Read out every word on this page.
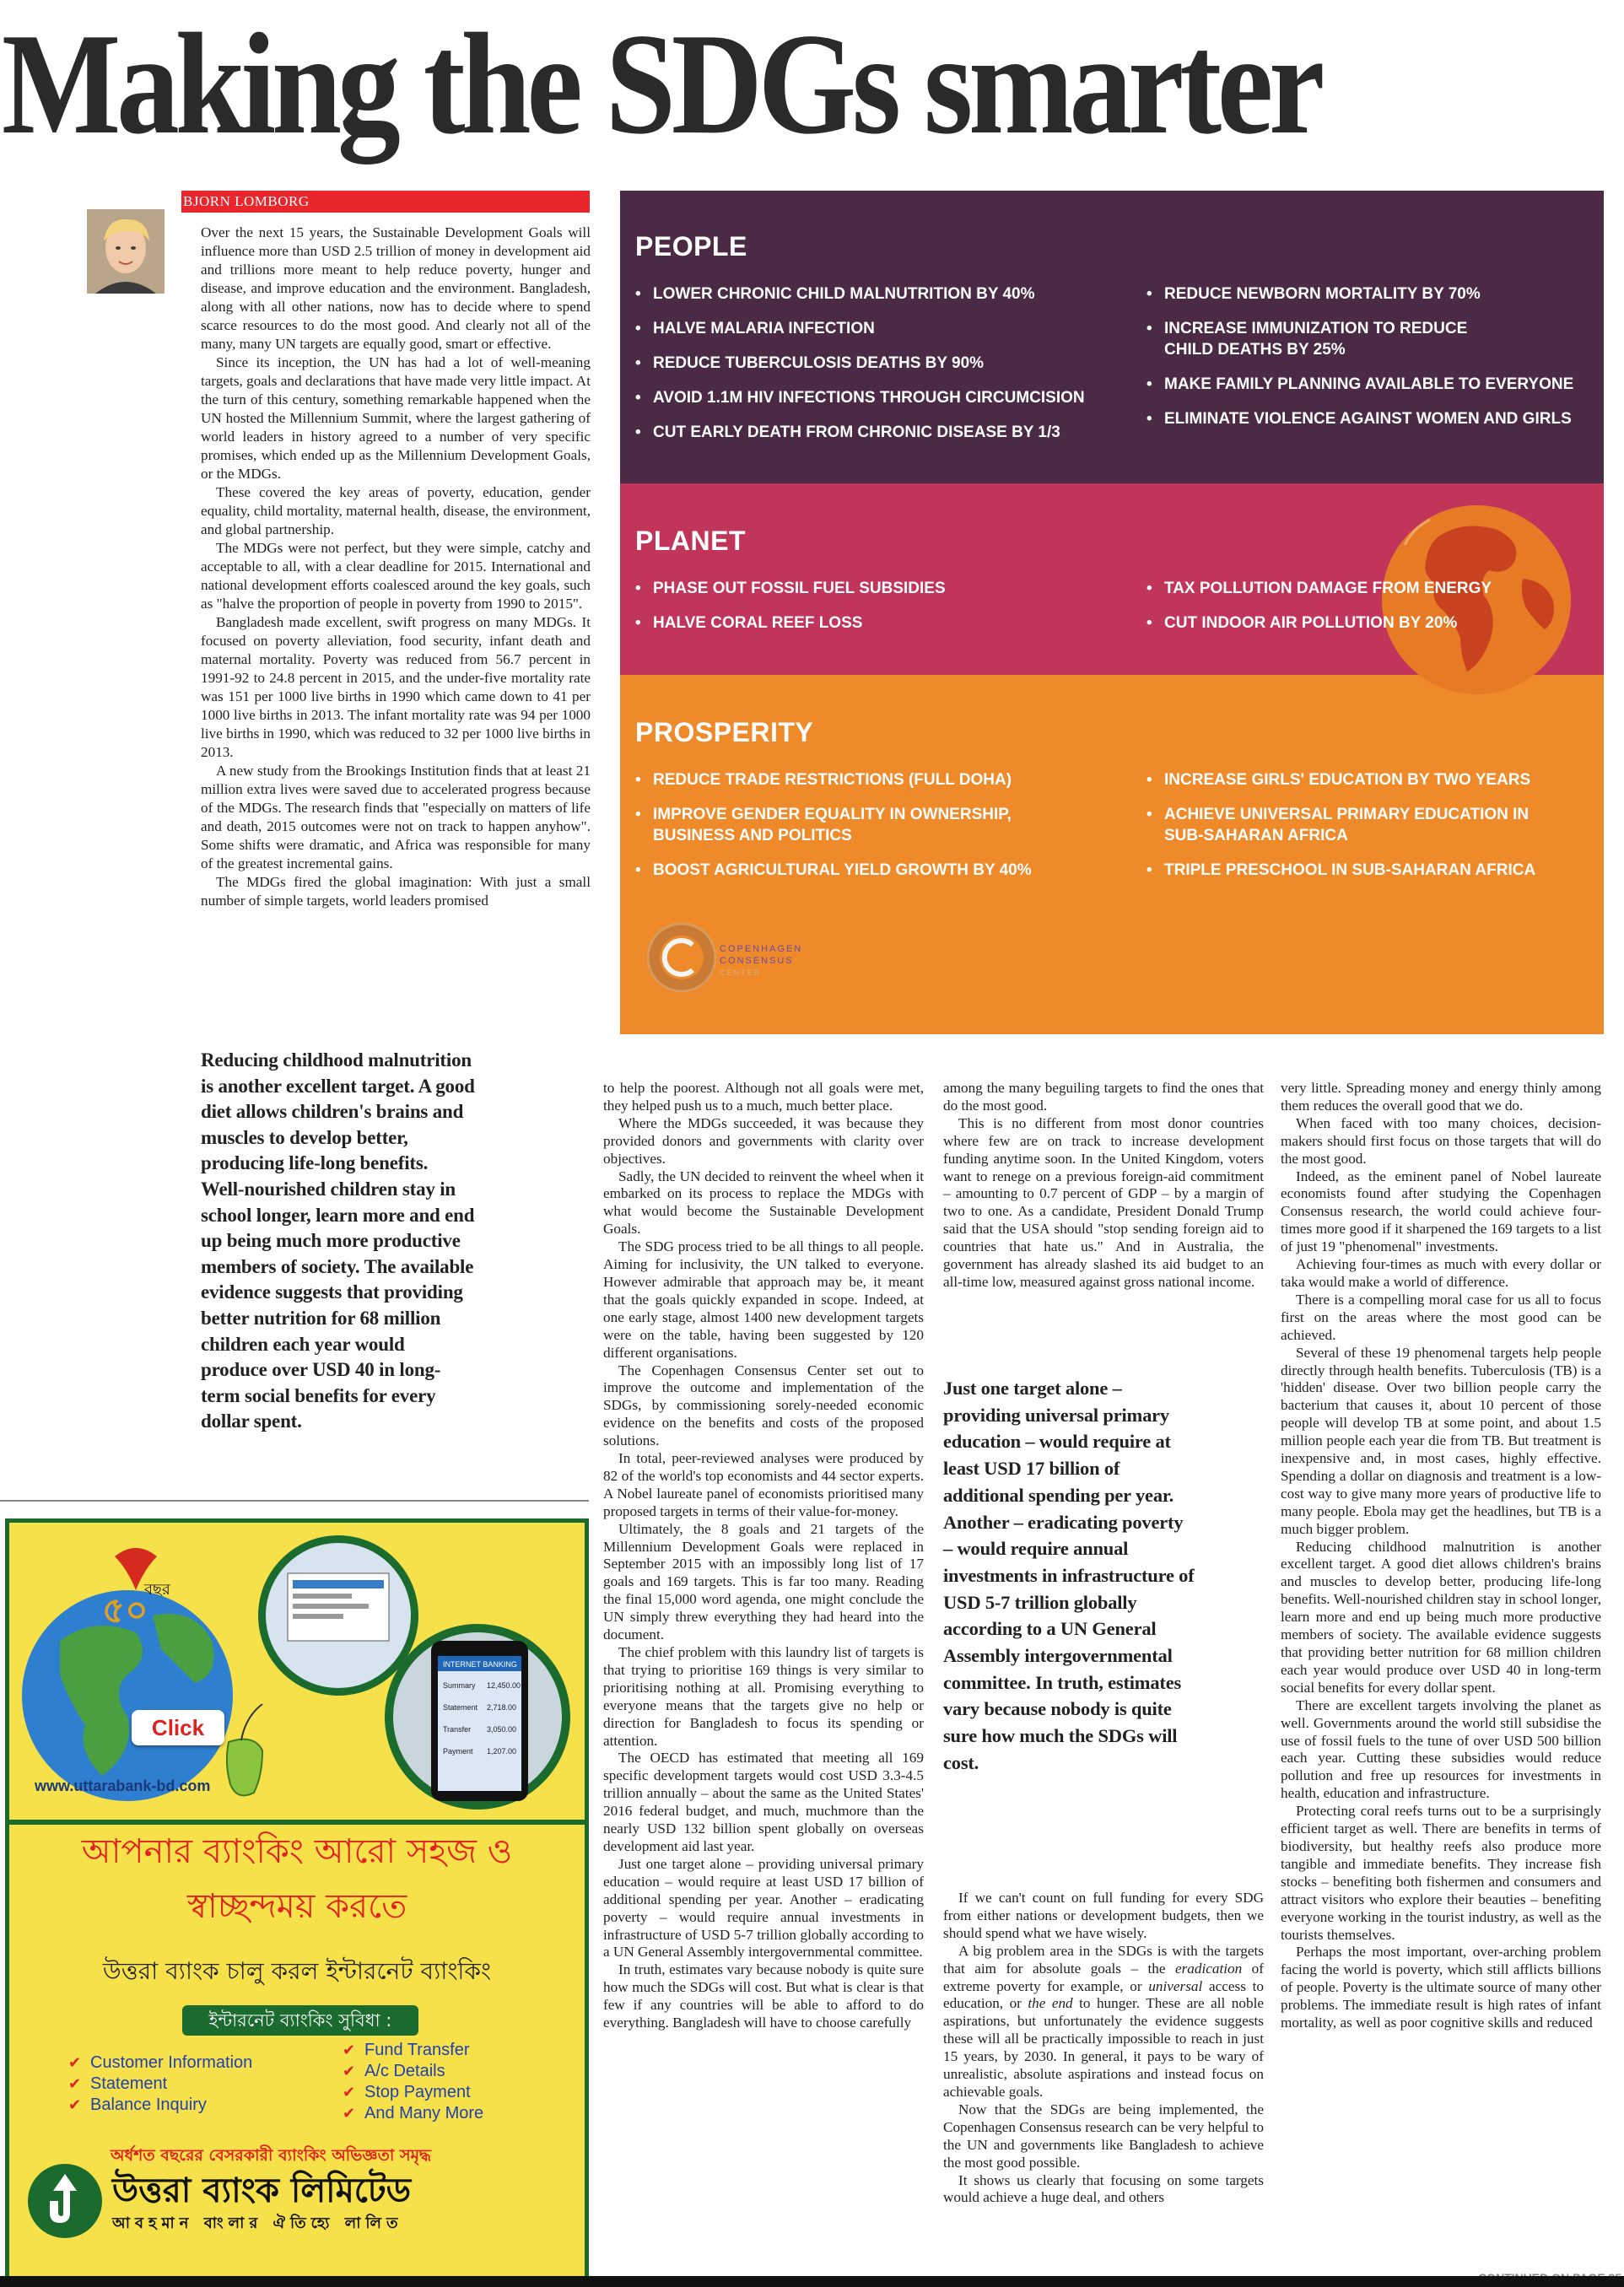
Making the SDGs smarter
BJORN LOMBORG

Over the next 15 years, the Sustainable Development Goals will influence more than USD 2.5 trillion of money in development aid and trillions more meant to help reduce poverty, hunger and disease, and improve education and the environment. Bangladesh, along with all other nations, now has to decide where to spend scarce resources to do the most good. And clearly not all of the many, many UN targets are equally good, smart or effective.

Since its inception, the UN has had a lot of well-meaning targets, goals and declarations that have made very little impact. At the turn of this century, something remarkable happened when the UN hosted the Millennium Summit, where the largest gathering of world leaders in history agreed to a number of very specific promises, which ended up as the Millennium Development Goals, or the MDGs.

These covered the key areas of poverty, education, gender equality, child mortality, maternal health, disease, the environment, and global partnership.

The MDGs were not perfect, but they were simple, catchy and acceptable to all, with a clear deadline for 2015. International and national development efforts coalesced around the key goals, such as "halve the proportion of people in poverty from 1990 to 2015".

Bangladesh made excellent, swift progress on many MDGs. It focused on poverty alleviation, food security, infant death and maternal mortality. Poverty was reduced from 56.7 percent in 1991-92 to 24.8 percent in 2015, and the under-five mortality rate was 151 per 1000 live births in 1990 which came down to 41 per 1000 live births in 2013. The infant mortality rate was 94 per 1000 live births in 1990, which was reduced to 32 per 1000 live births in 2013.

A new study from the Brookings Institution finds that at least 21 million extra lives were saved due to accelerated progress because of the MDGs. The research finds that "especially on matters of life and death, 2015 outcomes were not on track to happen anyhow". Some shifts were dramatic, and Africa was responsible for many of the greatest incremental gains.

The MDGs fired the global imagination: With just a small number of simple targets, world leaders promised

Reducing childhood malnutrition is another excellent target. A good diet allows children's brains and muscles to develop better, producing life-long benefits. Well-nourished children stay in school longer, learn more and end up being much more productive members of society. The available evidence suggests that providing better nutrition for 68 million children each year would produce over USD 40 in long-term social benefits for every dollar spent.
PEOPLE
• LOWER CHRONIC CHILD MALNUTRITION BY 40%
• HALVE MALARIA INFECTION
• REDUCE TUBERCULOSIS DEATHS BY 90%
• AVOID 1.1M HIV INFECTIONS THROUGH CIRCUMCISION
• CUT EARLY DEATH FROM CHRONIC DISEASE BY 1/3
• REDUCE NEWBORN MORTALITY BY 70%
• INCREASE IMMUNIZATION TO REDUCE CHILD DEATHS BY 25%
• MAKE FAMILY PLANNING AVAILABLE TO EVERYONE
• ELIMINATE VIOLENCE AGAINST WOMEN AND GIRLS
PLANET
• PHASE OUT FOSSIL FUEL SUBSIDIES
• HALVE CORAL REEF LOSS
PROSPERITY
• REDUCE TRADE RESTRICTIONS (FULL DOHA)
• IMPROVE GENDER EQUALITY IN OWNERSHIP, BUSINESS AND POLITICS
• BOOST AGRICULTURAL YIELD GROWTH BY 40%
• INCREASE GIRLS' EDUCATION BY TWO YEARS
• ACHIEVE UNIVERSAL PRIMARY EDUCATION IN SUB-SAHARAN AFRICA
• TRIPLE PRESCHOOL IN SUB-SAHARAN AFRICA
COPENHAGEN
CONSENSUS
CENTER
• TAX POLLUTION DAMAGE FROM ENERGY
• CUT INDOOR AIR POLLUTION BY 20%

to help the poorest. Although not all goals were met, they helped push us to a much, much better place.

Where the MDGs succeeded, it was because they provided donors and governments with clarity over objectives.

Sadly, the UN decided to reinvent the wheel when it embarked on its process to replace the MDGs with what would become the Sustainable Development Goals.

The SDG process tried to be all things to all people. Aiming for inclusivity, the UN talked to everyone. However admirable that approach may be, it meant that the goals quickly expanded in scope. Indeed, at one early stage, almost 1400 new development targets were on the table, having been suggested by 120 different organisations.

The Copenhagen Consensus Center set out to improve the outcome and implementation of the SDGs, by commissioning sorely-needed economic evidence on the benefits and costs of the proposed solutions.

In total, peer-reviewed analyses were produced by 82 of the world's top economists and 44 sector experts. A Nobel laureate panel of economists prioritised many proposed targets in terms of their value-for-money.

Ultimately, the 8 goals and 21 targets of the Millennium Development Goals were replaced in September 2015 with an impossibly long list of 17 goals and 169 targets. This is far too many. Reading the final 15,000 word agenda, one might conclude the UN simply threw everything they had heard into the document.

The chief problem with this laundry list of targets is that trying to prioritise 169 things is very similar to prioritising nothing at all. Promising everything to everyone means that the targets give no help or direction for Bangladesh to focus its spending or attention.

The OECD has estimated that meeting all 169 specific development targets would cost USD 3.3-4.5 trillion annually – about the same as the United States' 2016 federal budget, and much, muchmore than the nearly USD 132 billion spent globally on overseas development aid last year.

Just one target alone – providing universal primary education – would require at least USD 17 billion of additional spending per year. Another – eradicating poverty – would require annual investments in infrastructure of USD 5-7 trillion globally according to a UN General Assembly intergovernmental committee.

In truth, estimates vary because nobody is quite sure how much the SDGs will cost. But what is clear is that few if any countries will be able to afford to do everything. Bangladesh will have to choose carefully

among the many beguiling targets to find the ones that do the most good.

This is no different from most donor countries where few are on track to increase development funding anytime soon. In the United Kingdom, voters want to renege on a previous foreign-aid commitment – amounting to 0.7 percent of GDP – by a margin of two to one. As a candidate, President Donald Trump said that the USA should "stop sending foreign aid to countries that hate us." And in Australia, the government has already slashed its aid budget to an all-time low, measured against gross national income.

Just one target alone – providing universal primary education – would require at least USD 17 billion of additional spending per year. Another – eradicating poverty – would require annual investments in infrastructure of USD 5-7 trillion globally according to a UN General Assembly intergovernmental committee. In truth, estimates vary because nobody is quite sure how much the SDGs will cost.

If we can't count on full funding for every SDG from either nations or development budgets, then we should spend what we have wisely.

A big problem area in the SDGs is with the targets that aim for absolute goals – the eradication of extreme poverty for example, or universal access to education, or the end to hunger. These are all noble aspirations, but unfortunately the evidence suggests these will all be practically impossible to reach in just 15 years, by 2030. In general, it pays to be wary of unrealistic, absolute aspirations and instead focus on achievable goals.

Now that the SDGs are being implemented, the Copenhagen Consensus research can be very helpful to the UN and governments like Bangladesh to achieve the most good possible.

It shows us clearly that focusing on some targets would achieve a huge deal, and others

very little. Spreading money and energy thinly among them reduces the overall good that we do.

When faced with too many choices, decision-makers should first focus on those targets that will do the most good.

Indeed, as the eminent panel of Nobel laureate economists found after studying the Copenhagen Consensus research, the world could achieve four-times more good if it sharpened the 169 targets to a list of just 19 "phenomenal" investments.

Achieving four-times as much with every dollar or taka would make a world of difference.

There is a compelling moral case for us all to focus first on the areas where the most good can be achieved.

Several of these 19 phenomenal targets help people directly through health benefits. Tuberculosis (TB) is a 'hidden' disease. Over two billion people carry the bacterium that causes it, about 10 percent of those people will develop TB at some point, and about 1.5 million people each year die from TB. But treatment is inexpensive and, in most cases, highly effective. Spending a dollar on diagnosis and treatment is a low-cost way to give many more years of productive life to many people. Ebola may get the headlines, but TB is a much bigger problem.

Reducing childhood malnutrition is another excellent target. A good diet allows children's brains and muscles to develop better, producing life-long benefits. Well-nourished children stay in school longer, learn more and end up being much more productive members of society. The available evidence suggests that providing better nutrition for 68 million children each year would produce over USD 40 in long-term social benefits for every dollar spent.

There are excellent targets involving the planet as well. Governments around the world still subsidise the use of fossil fuels to the tune of over USD 500 billion each year. Cutting these subsidies would reduce pollution and free up resources for investments in health, education and infrastructure.

Protecting coral reefs turns out to be a surprisingly efficient target as well. There are benefits in terms of biodiversity, but healthy reefs also produce more tangible and immediate benefits. They increase fish stocks – benefiting both fishermen and consumers and attract visitors who explore their beauties – benefiting everyone working in the tourist industry, as well as the tourists themselves.

Perhaps the most important, over-arching problem facing the world is poverty, which still afflicts billions of people. Poverty is the ultimate source of many other problems. The immediate result is high rates of infant mortality, as well as poor cognitive skills and reduced

৫০
বছর
INTERNET BANKING
Summary 12,450.00
Statement 2,718.00
Transfer 3,050.00
Payment 1,207.00
Click
www.uttarabank-bd.com
আপনার ব্যাংকিং আরো সহজ ও
স্বাচ্ছন্দময় করতে
উত্তরা ব্যাংক চালু করল ইন্টারনেট ব্যাংকিং
ইন্টারনেট ব্যাংকিং সুবিধা :
✔ Customer Information
✔ Statement
✔ Balance Inquiry
✔ Fund Transfer
✔ A/c Details
✔ Stop Payment
✔ And Many More
অর্ধশত বছরের বেসরকারী ব্যাংকিং অভিজ্ঞতা সমৃদ্ধ
উত্তরা ব্যাংক লিমিটেড
আবহমান বাংলার ঐতিহ্যে লালিত
